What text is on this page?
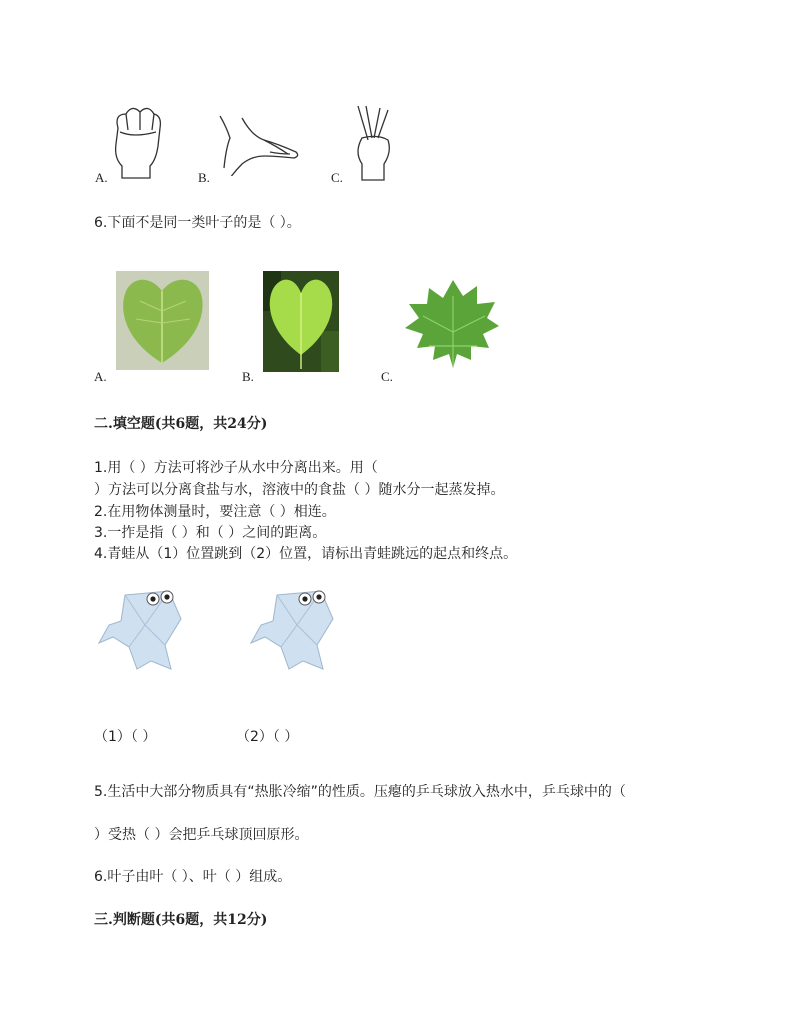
A.	B.	C.
6.下面不是同一类叶子的是（ ）。
A.	B.	C.
二.填空题(共6题，共24分)
1.用（ ）方法可将沙子从水中分离出来。用（
）方法可以分离食盐与水，溶液中的食盐（ ）随水分一起蒸发掉。
2.在用物体测量时，要注意（ ）相连。
3.一拃是指（ ）和（ ）之间的距离。
4.青蛙从（1）位置跳到（2）位置，请标出青蛙跳远的起点和终点。
（1）（ ）	（2）（ ）
5.生活中大部分物质具有“热胀冷缩”的性质。压瘪的乒乓球放入热水中，乒乓球中的（
）受热（ ）会把乒乓球顶回原形。
6.叶子由叶（ ）、叶（ ）组成。
三.判断题(共6题，共12分)
